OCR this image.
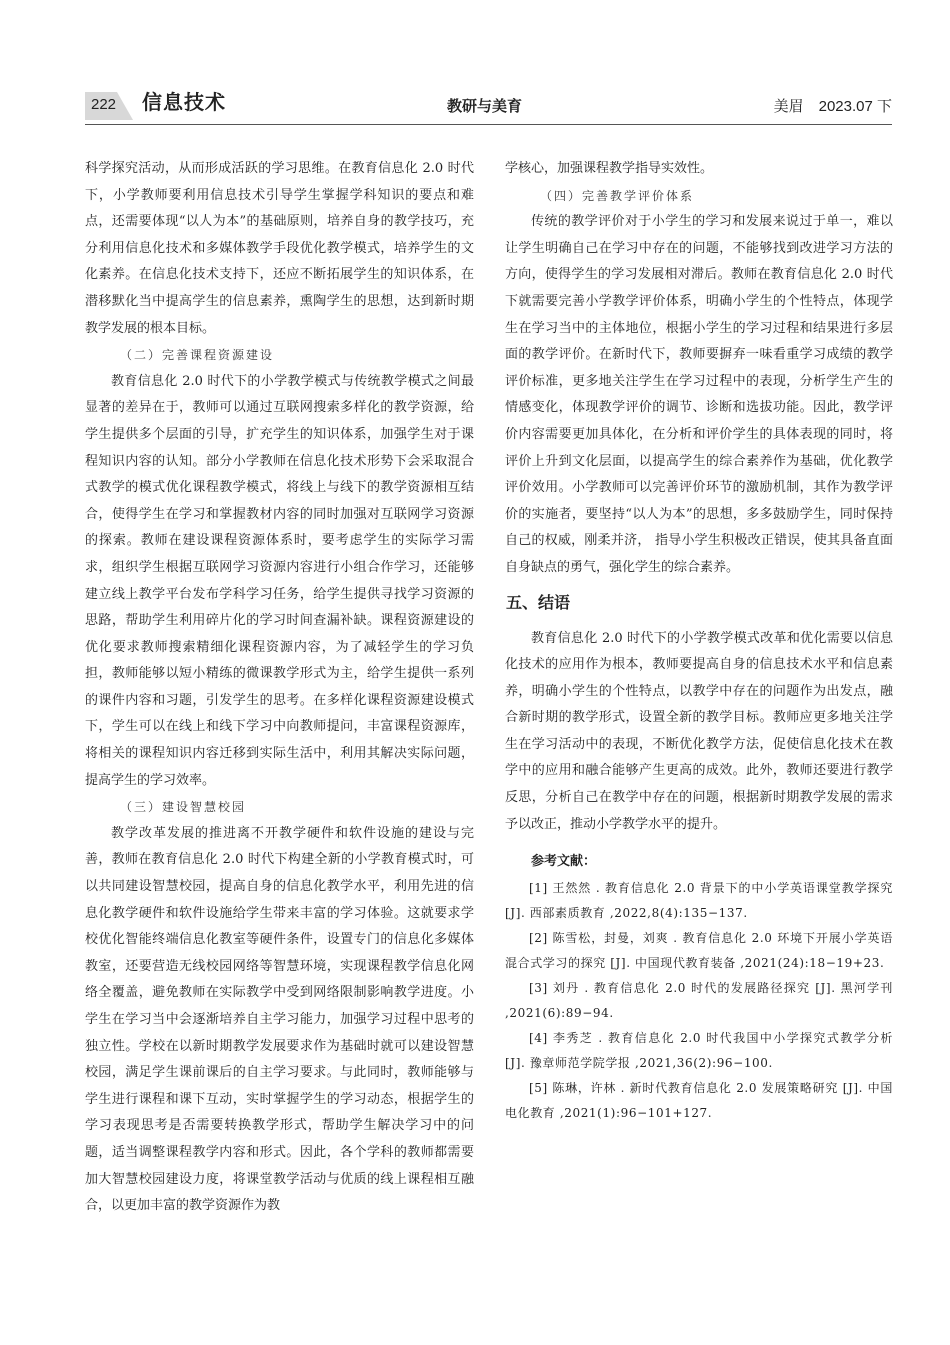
222 信息技术	教研与美育	美眉　2023.07 下

科学探究活动，从而形成活跃的学习思维。在教育信息化 2.0 时代下，小学教师要利用信息技术引导学生掌握学科知识的要点和难点，还需要体现“以人为本”的基础原则，培养自身的教学技巧，充分利用信息化技术和多媒体教学手段优化教学模式，培养学生的文化素养。在信息化技术支持下，还应不断拓展学生的知识体系，在潜移默化当中提高学生的信息素养，熏陶学生的思想，达到新时期教学发展的根本目标。

（二）完善课程资源建设

教育信息化 2.0 时代下的小学教学模式与传统教学模式之间最显著的差异在于，教师可以通过互联网搜索多样化的教学资源，给学生提供多个层面的引导，扩充学生的知识体系，加强学生对于课程知识内容的认知。部分小学教师在信息化技术形势下会采取混合式教学的模式优化课程教学模式，将线上与线下的教学资源相互结合，使得学生在学习和掌握教材内容的同时加强对互联网学习资源的探索。教师在建设课程资源体系时，要考虑学生的实际学习需求，组织学生根据互联网学习资源内容进行小组合作学习，还能够建立线上教学平台发布学科学习任务，给学生提供寻找学习资源的思路，帮助学生利用碎片化的学习时间查漏补缺。课程资源建设的优化要求教师搜索精细化课程资源内容，为了减轻学生的学习负担，教师能够以短小精练的微课教学形式为主，给学生提供一系列的课件内容和习题，引发学生的思考。在多样化课程资源建设模式下，学生可以在线上和线下学习中向教师提问，丰富课程资源库，将相关的课程知识内容迁移到实际生活中，利用其解决实际问题，提高学生的学习效率。

（三）建设智慧校园

教学改革发展的推进离不开教学硬件和软件设施的建设与完善，教师在教育信息化 2.0 时代下构建全新的小学教育模式时，可以共同建设智慧校园，提高自身的信息化教学水平，利用先进的信息化教学硬件和软件设施给学生带来丰富的学习体验。这就要求学校优化智能终端信息化教室等硬件条件，设置专门的信息化多媒体教室，还要营造无线校园网络等智慧环境，实现课程教学信息化网络全覆盖，避免教师在实际教学中受到网络限制影响教学进度。小学生在学习当中会逐渐培养自主学习能力，加强学习过程中思考的独立性。学校在以新时期教学发展要求作为基础时就可以建设智慧校园，满足学生课前课后的自主学习要求。与此同时，教师能够与学生进行课程和课下互动，实时掌握学生的学习动态，根据学生的学习表现思考是否需要转换教学形式，帮助学生解决学习中的问题，适当调整课程教学内容和形式。因此，各个学科的教师都需要加大智慧校园建设力度，将课堂教学活动与优质的线上课程相互融合，以更加丰富的教学资源作为教

学核心，加强课程教学指导实效性。

（四）完善教学评价体系

传统的教学评价对于小学生的学习和发展来说过于单一，难以让学生明确自己在学习中存在的问题，不能够找到改进学习方法的方向，使得学生的学习发展相对滞后。教师在教育信息化 2.0 时代下就需要完善小学教学评价体系，明确小学生的个性特点，体现学生在学习当中的主体地位，根据小学生的学习过程和结果进行多层面的教学评价。在新时代下，教师要摒弃一味看重学习成绩的教学评价标准，更多地关注学生在学习过程中的表现，分析学生产生的情感变化，体现教学评价的调节、诊断和选拔功能。因此，教学评价内容需要更加具体化，在分析和评价学生的具体表现的同时，将评价上升到文化层面，以提高学生的综合素养作为基础，优化教学评价效用。小学教师可以完善评价环节的激励机制，其作为教学评价的实施者，要坚持“以人为本”的思想，多多鼓励学生，同时保持自己的权威，刚柔并济， 指导小学生积极改正错误，使其具备直面自身缺点的勇气，强化学生的综合素养。

五、结语

教育信息化 2.0 时代下的小学教学模式改革和优化需要以信息化技术的应用作为根本，教师要提高自身的信息技术水平和信息素养，明确小学生的个性特点，以教学中存在的问题作为出发点，融合新时期的教学形式，设置全新的教学目标。教师应更多地关注学生在学习活动中的表现，不断优化教学方法，促使信息化技术在教学中的应用和融合能够产生更高的成效。此外，教师还要进行教学反思，分析自己在教学中存在的问题，根据新时期教学发展的需求予以改正，推动小学教学水平的提升。

参考文献：

[1] 王然然 . 教育信息化 2.0 背景下的中小学英语课堂教学探究 [J]. 西部素质教育 ,2022,8(4):135−137.

[2] 陈雪松，封曼，刘爽 . 教育信息化 2.0 环境下开展小学英语混合式学习的探究 [J]. 中国现代教育装备 ,2021(24):18−19+23.

[3] 刘丹 . 教育信息化 2.0 时代的发展路径探究 [J]. 黑河学刊 ,2021(6):89−94.

[4] 李秀芝 . 教育信息化 2.0 时代我国中小学探究式教学分析 [J]. 豫章师范学院学报 ,2021,36(2):96−100.

[5] 陈琳，许林 . 新时代教育信息化 2.0 发展策略研究 [J]. 中国电化教育 ,2021(1):96−101+127.
